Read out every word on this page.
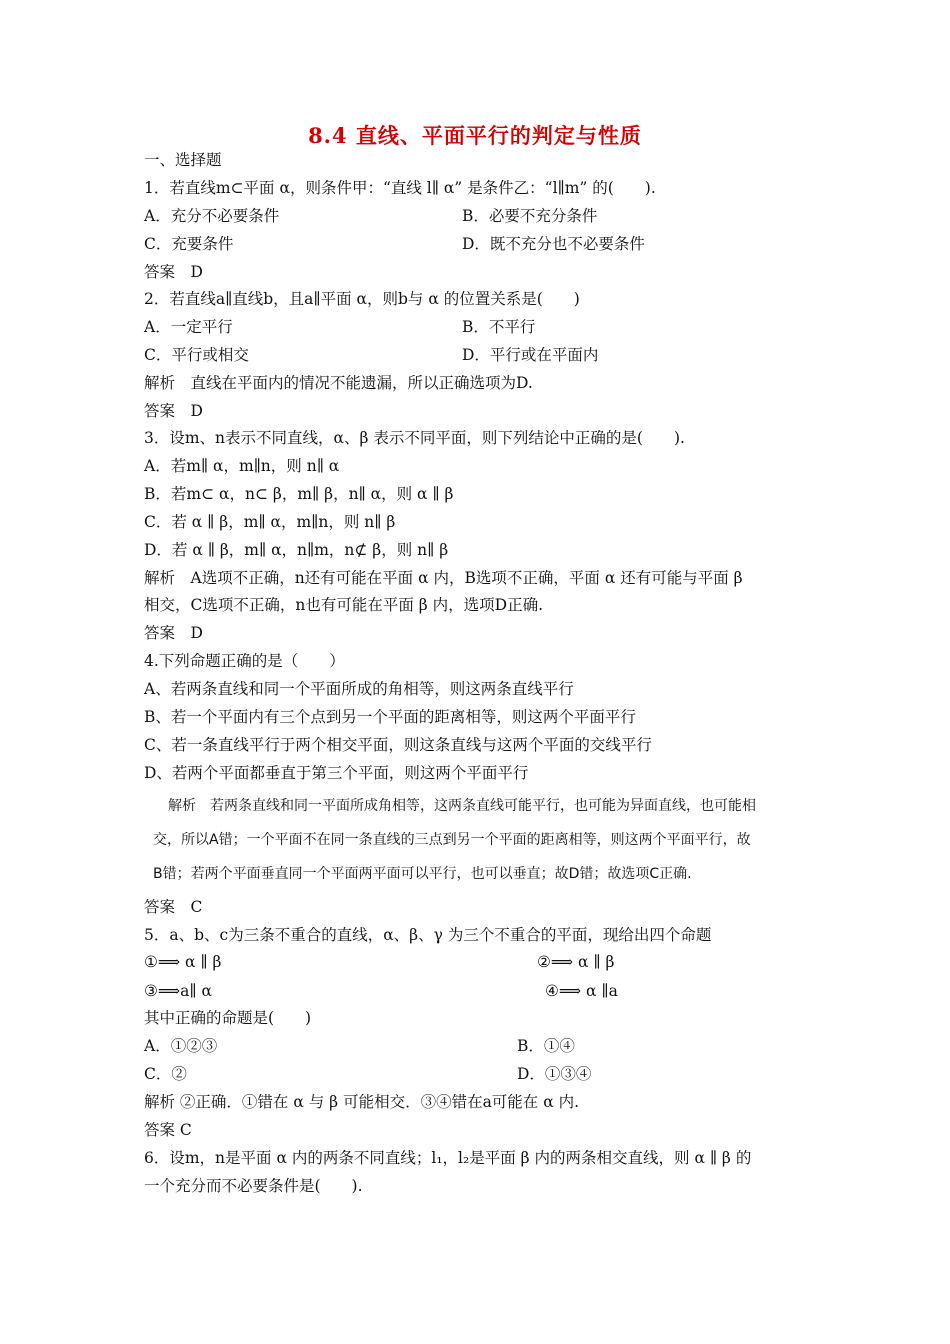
8.4 直线、平面平行的判定与性质
一、选择题
1．若直线m⊂平面 α，则条件甲：“直线 l∥ α” 是条件乙：“l∥m” 的(　　).
A．充分不必要条件	B．必要不充分条件
C．充要条件	D．既不充分也不必要条件
答案　D
2．若直线a∥直线b，且a∥平面 α，则b与 α 的位置关系是(　　)
A．一定平行	B．不平行
C．平行或相交	D．平行或在平面内
解析　直线在平面内的情况不能遗漏，所以正确选项为D.
答案　D
3．设m、n表示不同直线，α、β 表示不同平面，则下列结论中正确的是(　　).
A．若m∥ α，m∥n，则 n∥ α
B．若m⊂ α，n⊂ β，m∥ β，n∥ α，则 α ∥ β
C．若 α ∥ β，m∥ α，m∥n，则 n∥ β
D．若 α ∥ β，m∥ α，n∥m，n⊄ β，则 n∥ β
解析　A选项不正确，n还有可能在平面 α 内，B选项不正确，平面 α 还有可能与平面 β
相交，C选项不正确，n也有可能在平面 β 内，选项D正确.
答案　D
4.下列命题正确的是（　　）
A、若两条直线和同一个平面所成的角相等，则这两条直线平行
B、若一个平面内有三个点到另一个平面的距离相等，则这两个平面平行
C、若一条直线平行于两个相交平面，则这条直线与这两个平面的交线平行
D、若两个平面都垂直于第三个平面，则这两个平面平行
解析　若两条直线和同一平面所成角相等，这两条直线可能平行，也可能为异面直线，也可能相
交，所以A错；一个平面不在同一条直线的三点到另一个平面的距离相等，则这两个平面平行，故
B错；若两个平面垂直同一个平面两平面可以平行，也可以垂直；故D错；故选项C正确.
答案　C
5．a、b、c为三条不重合的直线，α、β、γ 为三个不重合的平面，现给出四个命题
①⟹ α ∥ β	②⟹ α ∥ β
③⟹a∥ α	④⟹ α ∥a
其中正确的命题是(　　)
A．①②③	B．①④
C．②	D．①③④
解析 ②正确．①错在 α 与 β 可能相交．③④错在a可能在 α 内.
答案 C
6．设m，n是平面 α 内的两条不同直线；l₁，l₂是平面 β 内的两条相交直线，则 α ∥ β 的
一个充分而不必要条件是(　　).
